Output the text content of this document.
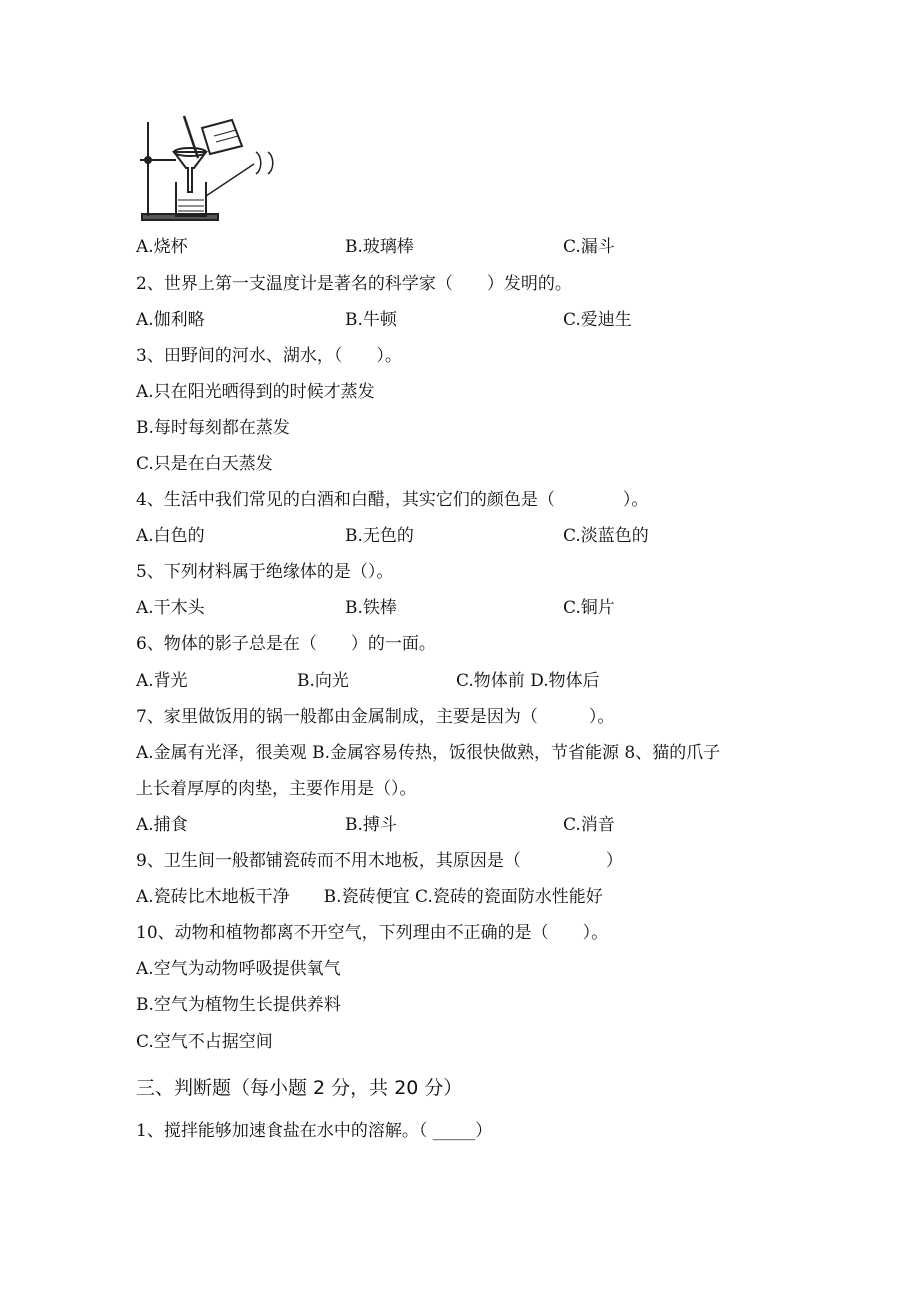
A.烧杯	B.玻璃棒	C.漏斗
2、世界上第一支温度计是著名的科学家（　　）发明的。
A.伽利略	B.牛顿	C.爱迪生
3、田野间的河水、湖水，（　　）。
A.只在阳光晒得到的时候才蒸发
B.每时每刻都在蒸发
C.只是在白天蒸发
4、生活中我们常见的白酒和白醋，其实它们的颜色是（　　　　）。
A.白色的	B.无色的	C.淡蓝色的
5、下列材料属于绝缘体的是（）。
A.干木头	B.铁棒	C.铜片
6、物体的影子总是在（　　）的一面。
A.背光	B.向光	C.物体前 D.物体后
7、家里做饭用的锅一般都由金属制成，主要是因为（　　　）。
A.金属有光泽，很美观 B.金属容易传热，饭很快做熟，节省能源 8、猫的爪子
上长着厚厚的肉垫，主要作用是（）。
A.捕食	B.搏斗	C.消音
9、卫生间一般都铺瓷砖而不用木地板，其原因是（　　　　　）
A.瓷砖比木地板干净　　B.瓷砖便宜 C.瓷砖的瓷面防水性能好
10、动物和植物都离不开空气，下列理由不正确的是（　　）。
A.空气为动物呼吸提供氧气
B.空气为植物生长提供养料
C.空气不占据空间
三、判断题（每小题 2 分，共 20 分）
1、搅拌能够加速食盐在水中的溶解。（ _____）
